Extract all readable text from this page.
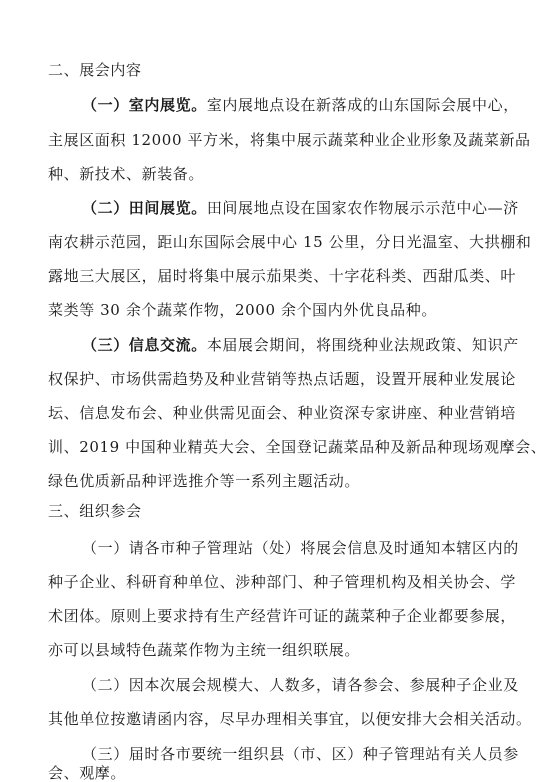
二、展会内容
（一）室内展览。室内展地点设在新落成的山东国际会展中心，
主展区面积 12000 平方米，将集中展示蔬菜种业企业形象及蔬菜新品
种、新技术、新装备。
（二）田间展览。田间展地点设在国家农作物展示示范中心—济
南农耕示范园，距山东国际会展中心 15 公里，分日光温室、大拱棚和
露地三大展区，届时将集中展示茄果类、十字花科类、西甜瓜类、叶
菜类等 30 余个蔬菜作物，2000 余个国内外优良品种。
（三）信息交流。本届展会期间，将围绕种业法规政策、知识产
权保护、市场供需趋势及种业营销等热点话题，设置开展种业发展论
坛、信息发布会、种业供需见面会、种业资深专家讲座、种业营销培
训、2019 中国种业精英大会、全国登记蔬菜品种及新品种现场观摩会、
绿色优质新品种评选推介等一系列主题活动。
三、组织参会
（一）请各市种子管理站（处）将展会信息及时通知本辖区内的
种子企业、科研育种单位、涉种部门、种子管理机构及相关协会、学
术团体。原则上要求持有生产经营许可证的蔬菜种子企业都要参展，
亦可以县域特色蔬菜作物为主统一组织联展。
（二）因本次展会规模大、人数多，请各参会、参展种子企业及
其他单位按邀请函内容，尽早办理相关事宜，以便安排大会相关活动。
（三）届时各市要统一组织县（市、区）种子管理站有关人员参
会、观摩。
